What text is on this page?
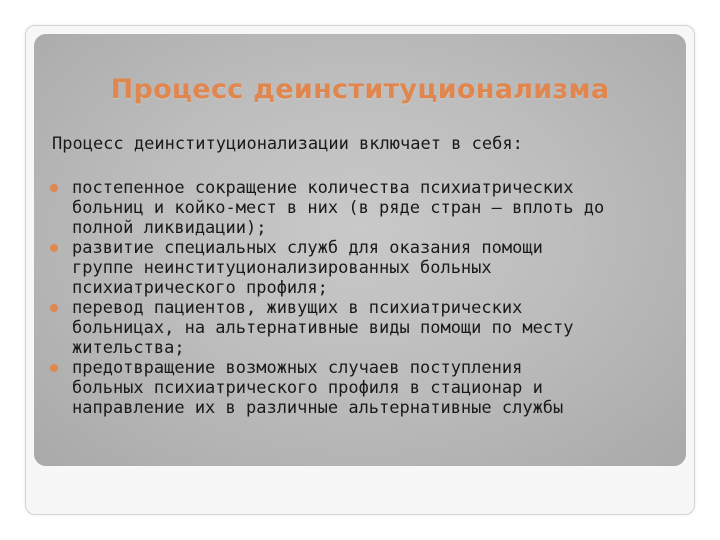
Процесс деинституционализма

Процесс деинституционализации включает в себя:

постепенное сокращение количества психиатрических
больниц и койко-мест в них (в ряде стран — вплоть до
полной ликвидации);
развитие специальных служб для оказания помощи
группе неинституционализированных больных
психиатрического профиля;
перевод пациентов, живущих в психиатрических
больницах, на альтернативные виды помощи по месту
жительства;
предотвращение возможных случаев поступления
больных психиатрического профиля в стационар и
направление их в различные альтернативные службы
